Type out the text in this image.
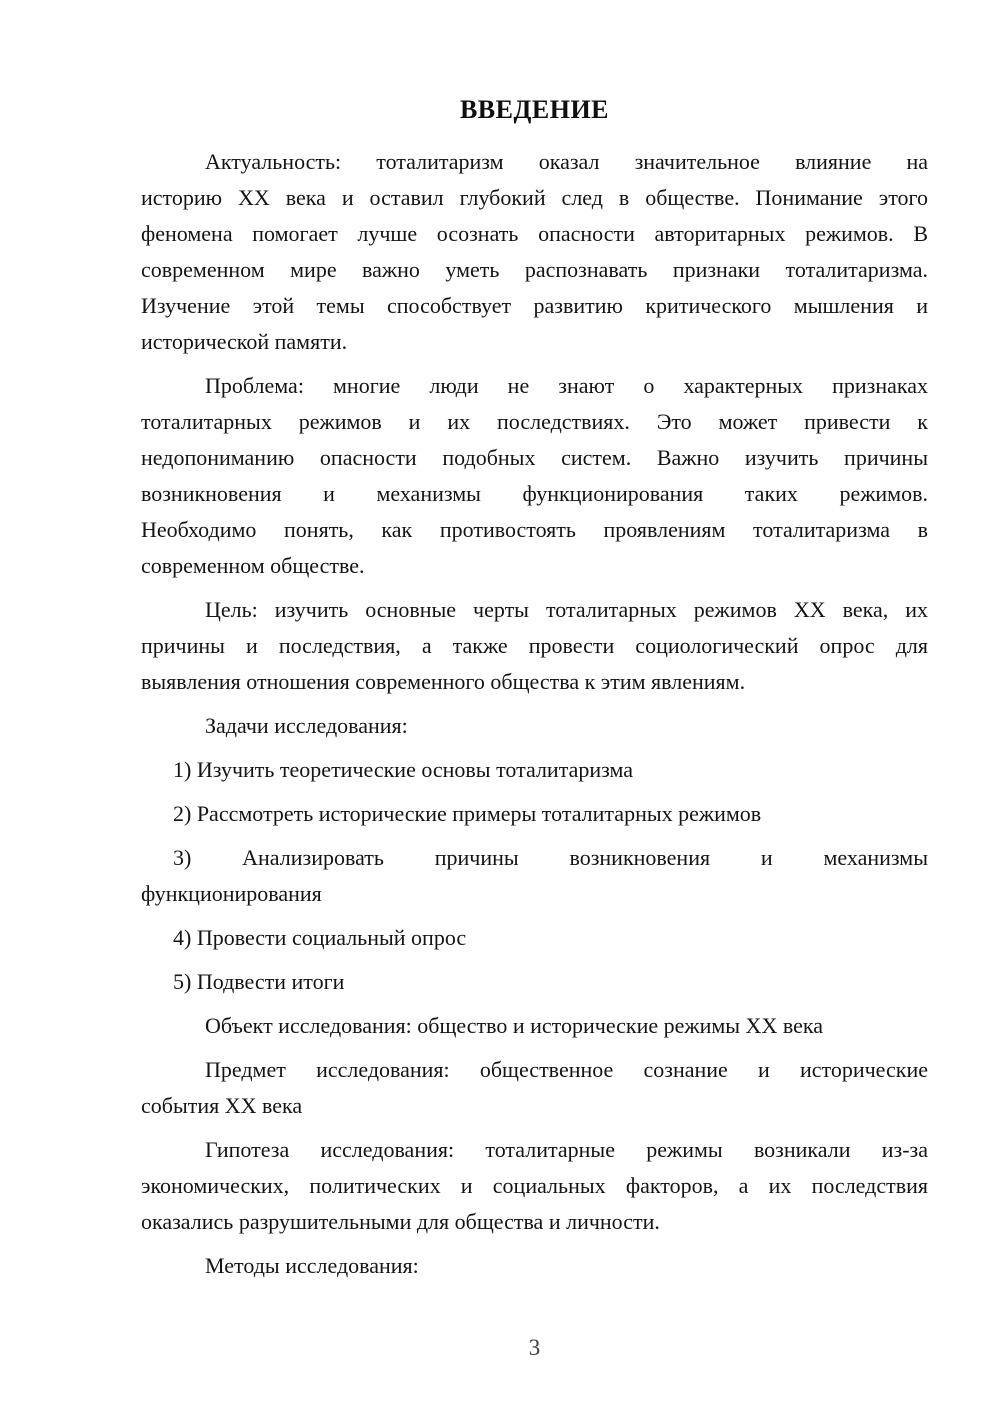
ВВЕДЕНИЕ
Актуальность: тоталитаризм оказал значительное влияние на
историю XX века и оставил глубокий след в обществе. Понимание этого
феномена помогает лучше осознать опасности авторитарных режимов. В
современном мире важно уметь распознавать признаки тоталитаризма.
Изучение этой темы способствует развитию критического мышления и
исторической памяти.
Проблема: многие люди не знают о характерных признаках
тоталитарных режимов и их последствиях. Это может привести к
недопониманию опасности подобных систем. Важно изучить причины
возникновения и механизмы функционирования таких режимов.
Необходимо понять, как противостоять проявлениям тоталитаризма в
современном обществе.
Цель: изучить основные черты тоталитарных режимов XX века, их
причины и последствия, а также провести социологический опрос для
выявления отношения современного общества к этим явлениям.
Задачи исследования:
1) Изучить теоретические основы тоталитаризма
2) Рассмотреть исторические примеры тоталитарных режимов
3) Анализировать причины возникновения и механизмы
функционирования
4) Провести социальный опрос
5) Подвести итоги
Объект исследования: общество и исторические режимы XX века
Предмет исследования: общественное сознание и исторические
события XX века
Гипотеза исследования: тоталитарные режимы возникали из-за
экономических, политических и социальных факторов, а их последствия
оказались разрушительными для общества и личности.
Методы исследования:
3
